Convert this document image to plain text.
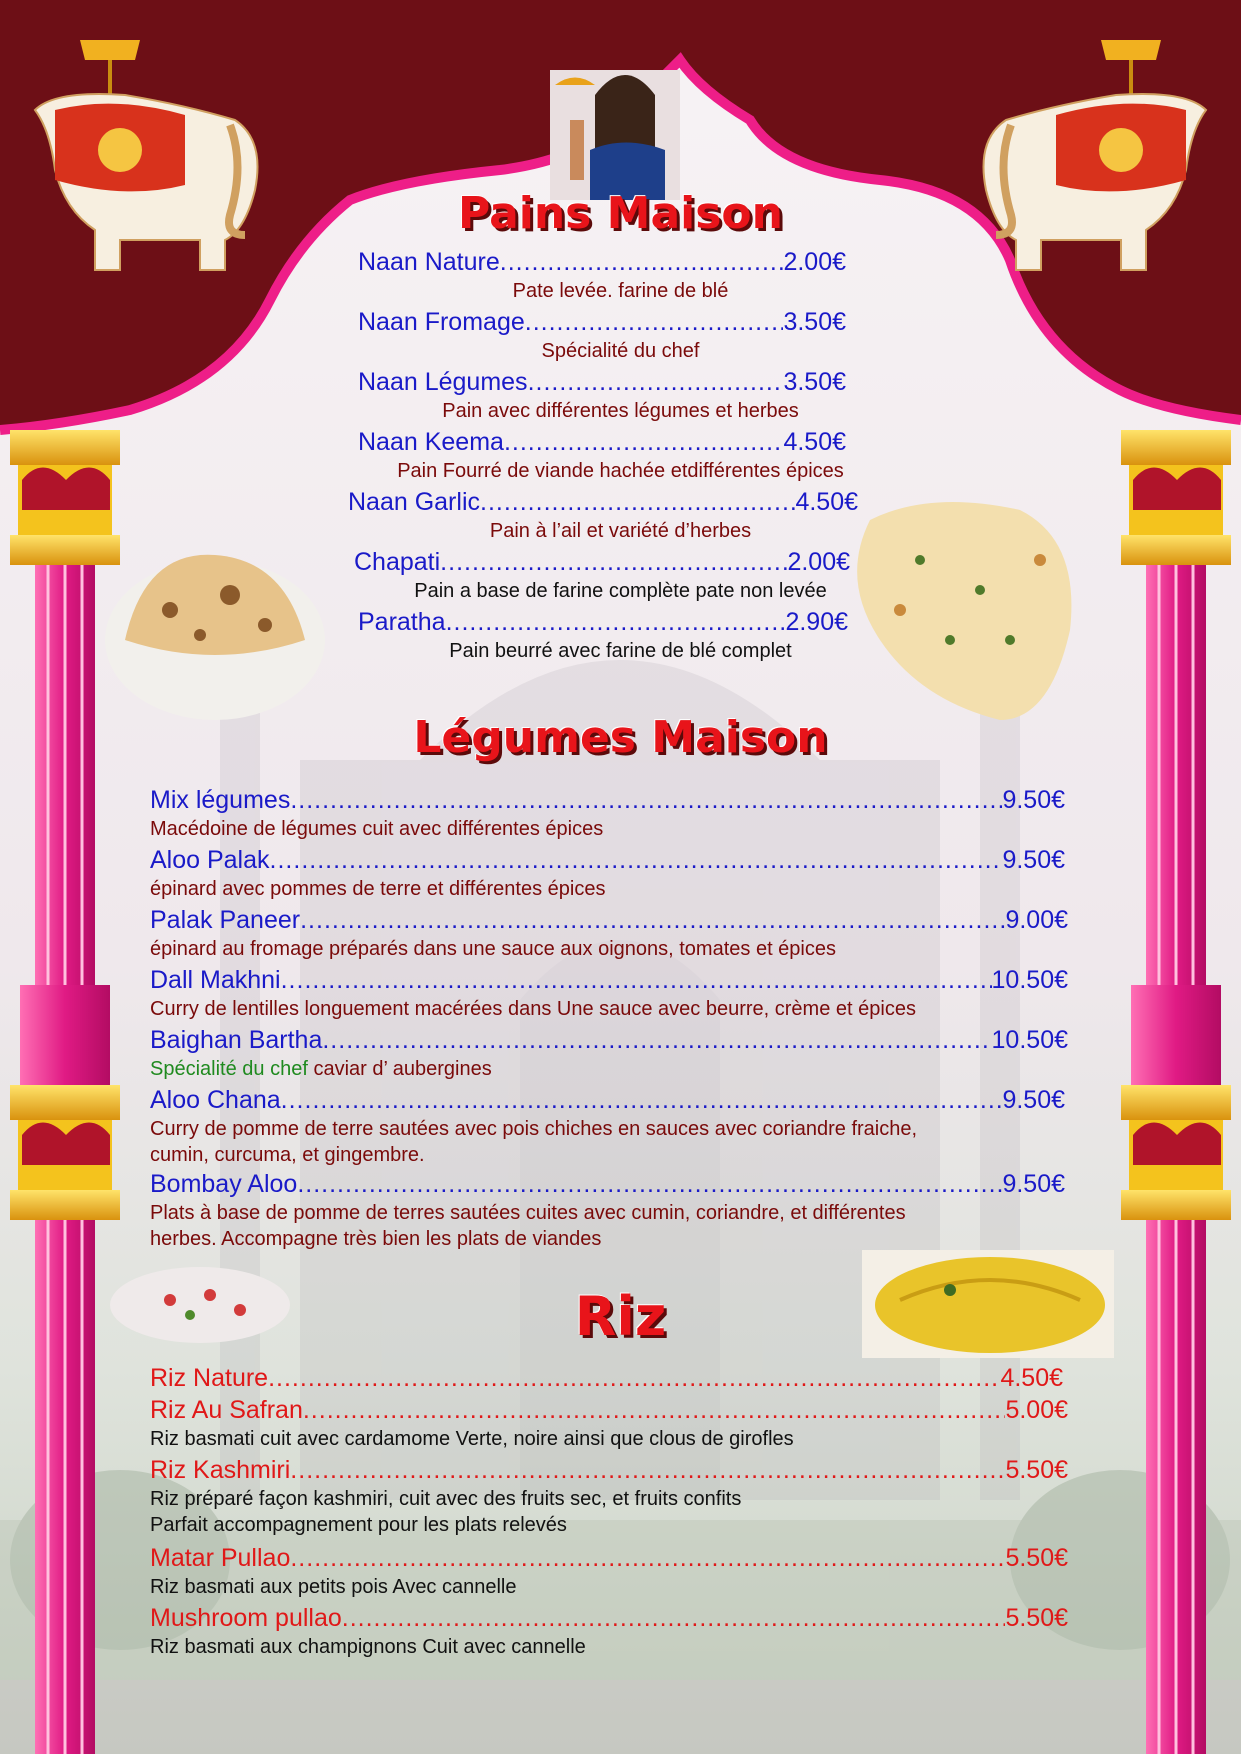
Pains Maison
Légumes Maison
Riz
Naan Nature .....	2.00€
Pate levée. farine de blé
Naan Fromage .....	3.50€
Spécialité du chef
Naan Légumes .....	3.50€
Pain avec différentes légumes et herbes
Naan Keema .....	4.50€
Pain Fourré de viande hachée etdifférentes épices
Naan Garlic .....	4.50€
Pain à l’ail et variété d’herbes
Chapati .....	2.00€
Pain a base de farine complète pate non levée
Paratha .....	2.90€
Pain beurré avec farine de blé complet
Mix légumes .....	9.50€
Macédoine de légumes cuit avec différentes épices
Aloo Palak .....	9.50€
épinard avec pommes de terre et différentes épices
Palak Paneer .....	9.00€
épinard au fromage préparés dans une sauce aux oignons, tomates et épices
Dall Makhni .....	10.50€
Curry de lentilles longuement macérées dans Une sauce avec beurre, crème et épices
Baighan Bartha .....	10.50€
Spécialité du chef caviar d’ aubergines
Aloo Chana .....	9.50€
Curry de pomme de terre sautées avec pois chiches en sauces avec coriandre fraiche,
cumin, curcuma, et gingembre.
Bombay Aloo .....	9.50€
Plats à base de pomme de terres sautées cuites avec cumin, coriandre, et différentes
herbes. Accompagne très bien les plats de viandes
Riz Nature .....	4.50€
Riz Au Safran .....	5.00€
Riz basmati cuit avec cardamome Verte, noire ainsi que clous de girofles
Riz Kashmiri .....	5.50€
Riz préparé façon kashmiri, cuit avec des fruits sec, et fruits confits
Parfait accompagnement pour les plats relevés
Matar Pullao .....	5.50€
Riz basmati aux petits pois Avec cannelle
Mushroom pullao .....	5.50€
Riz basmati aux champignons Cuit avec cannelle
